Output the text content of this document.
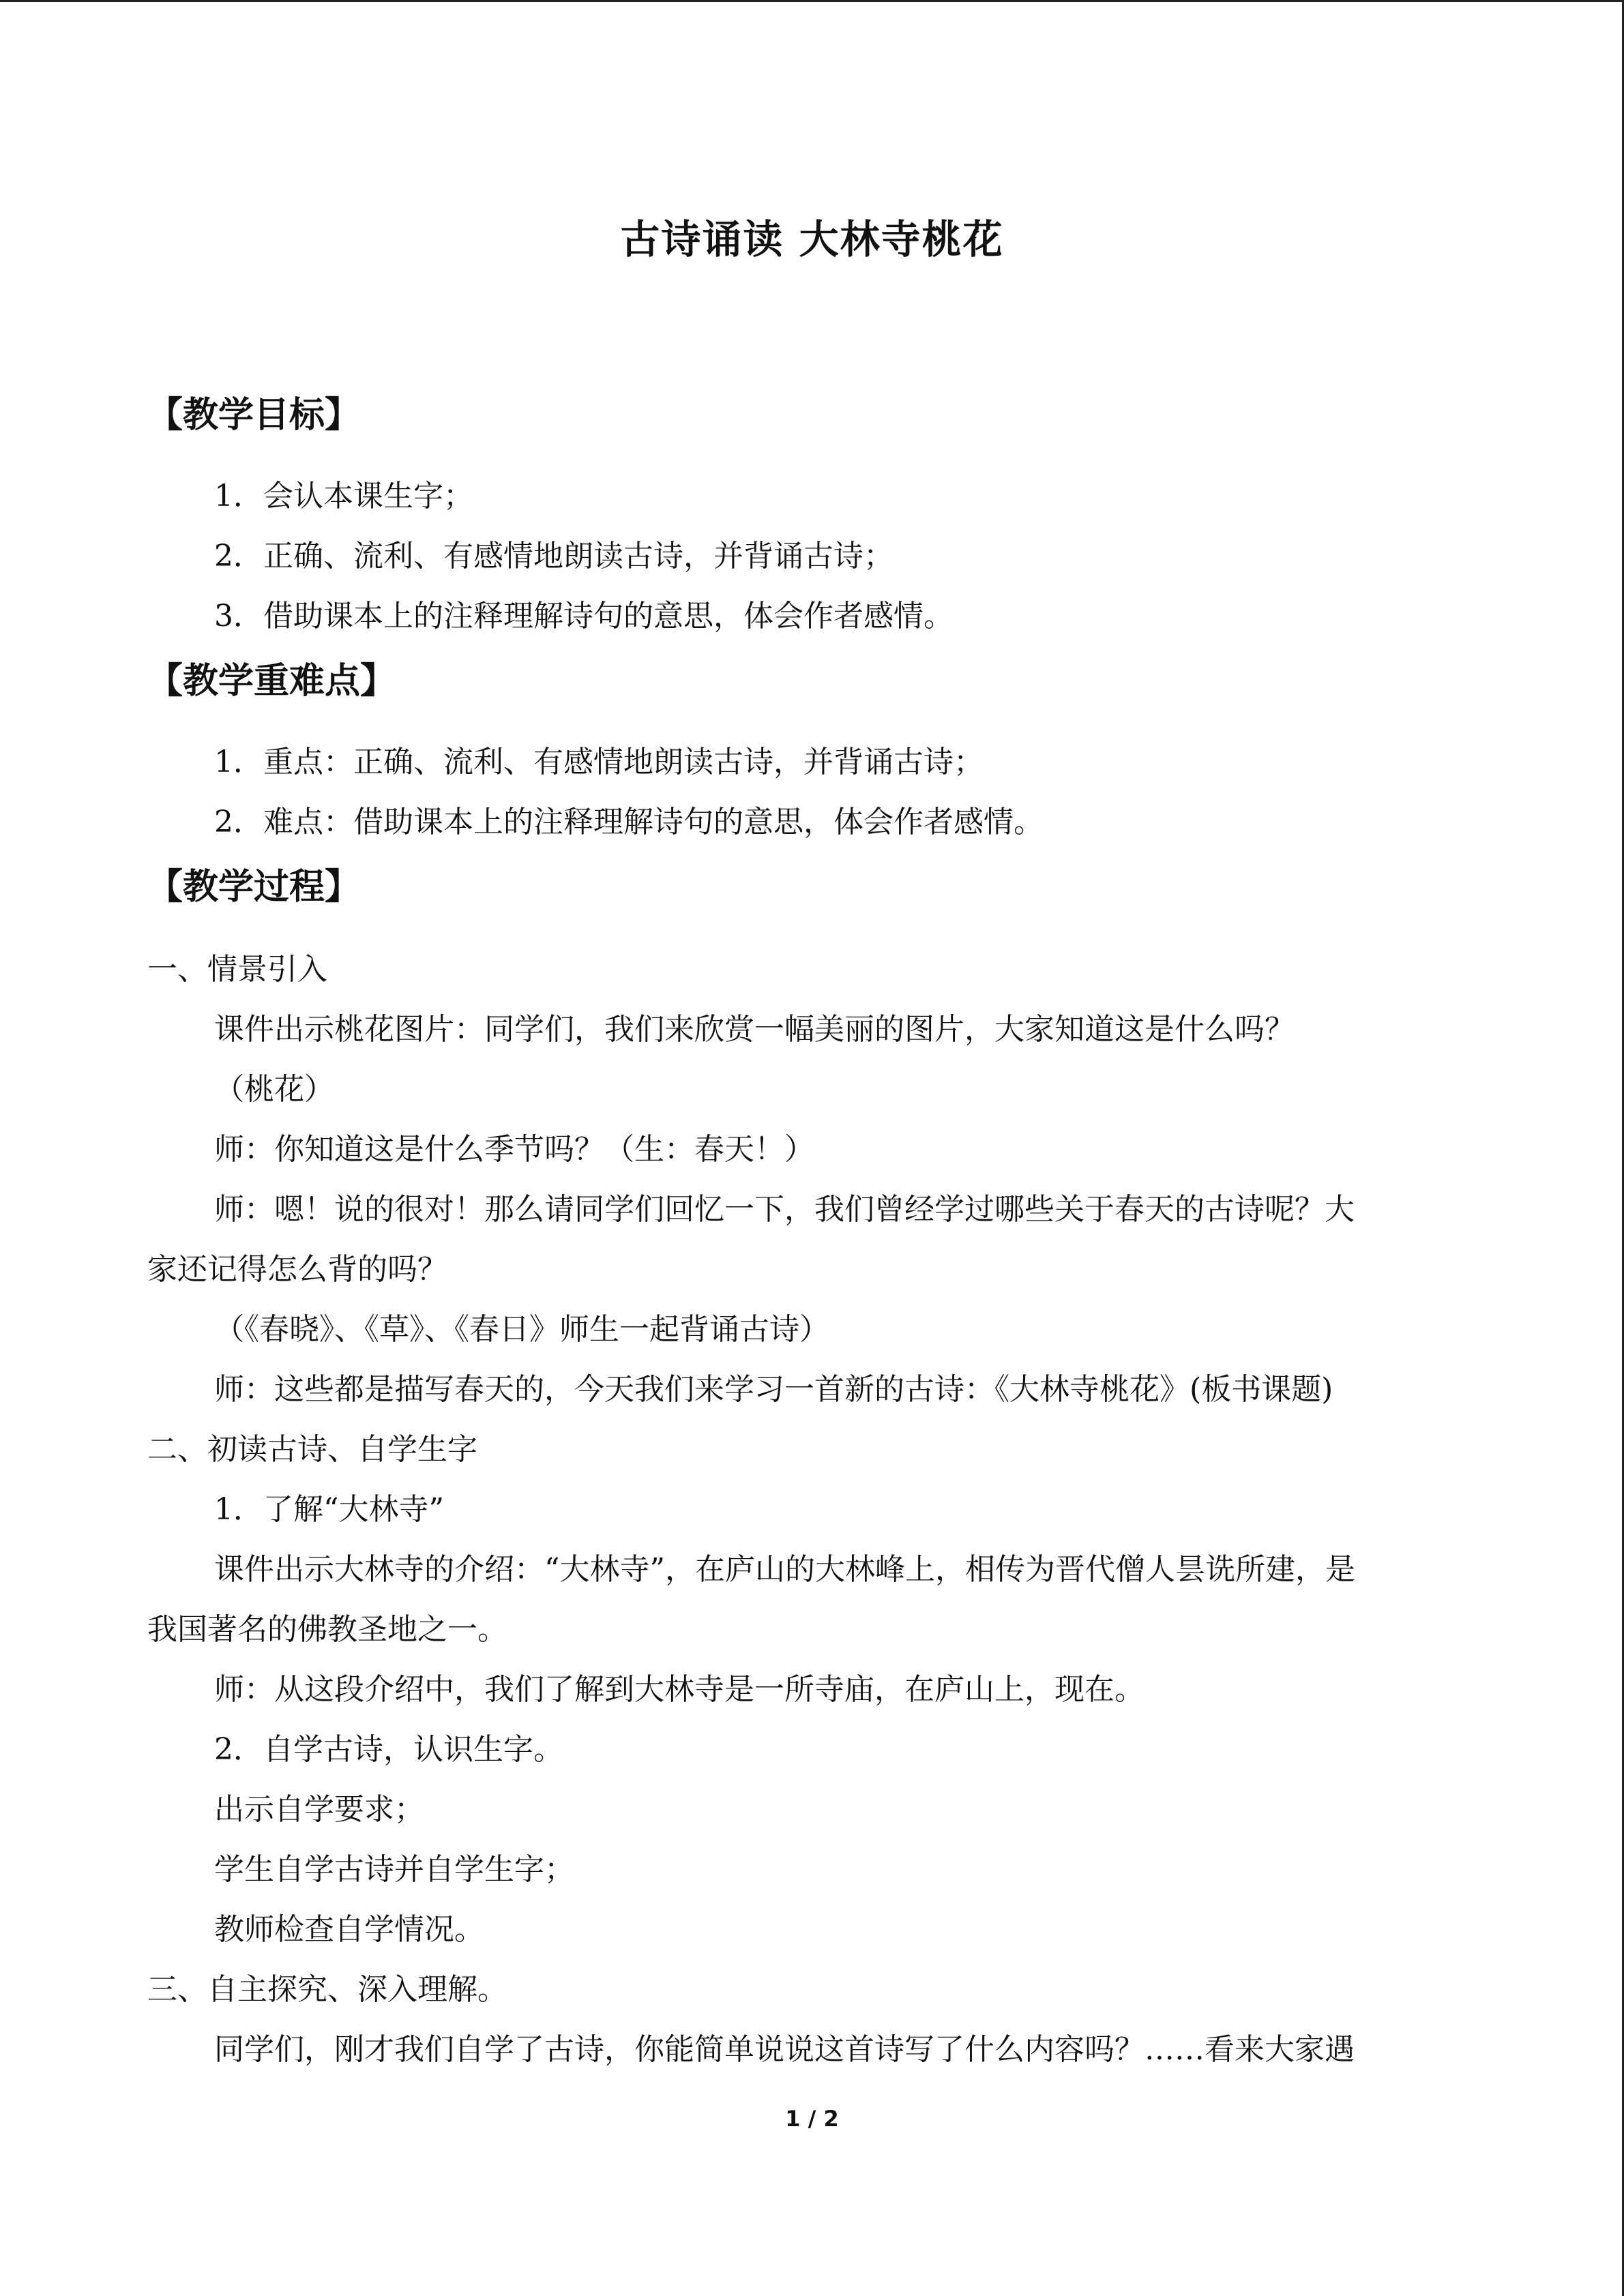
古诗诵读 大林寺桃花
【教学目标】
1．会认本课生字；
2．正确、流利、有感情地朗读古诗，并背诵古诗；
3．借助课本上的注释理解诗句的意思，体会作者感情。
【教学重难点】
1．重点：正确、流利、有感情地朗读古诗，并背诵古诗；
2．难点：借助课本上的注释理解诗句的意思，体会作者感情。
【教学过程】
一、情景引入
课件出示桃花图片：同学们，我们来欣赏一幅美丽的图片，大家知道这是什么吗？
（桃花）
师：你知道这是什么季节吗？（生：春天！）
师：嗯！说的很对！那么请同学们回忆一下，我们曾经学过哪些关于春天的古诗呢？大
家还记得怎么背的吗？
（《春晓》、《草》、《春日》师生一起背诵古诗）
师：这些都是描写春天的，今天我们来学习一首新的古诗：《大林寺桃花》(板书课题)
二、初读古诗、自学生字
1．了解“大林寺”
课件出示大林寺的介绍：“大林寺”，在庐山的大林峰上，相传为晋代僧人昙诜所建，是
我国著名的佛教圣地之一。
师：从这段介绍中，我们了解到大林寺是一所寺庙，在庐山上，现在。
2．自学古诗，认识生字。
出示自学要求；
学生自学古诗并自学生字；
教师检查自学情况。
三、自主探究、深入理解。
同学们，刚才我们自学了古诗，你能简单说说这首诗写了什么内容吗？……看来大家遇
1 / 2
